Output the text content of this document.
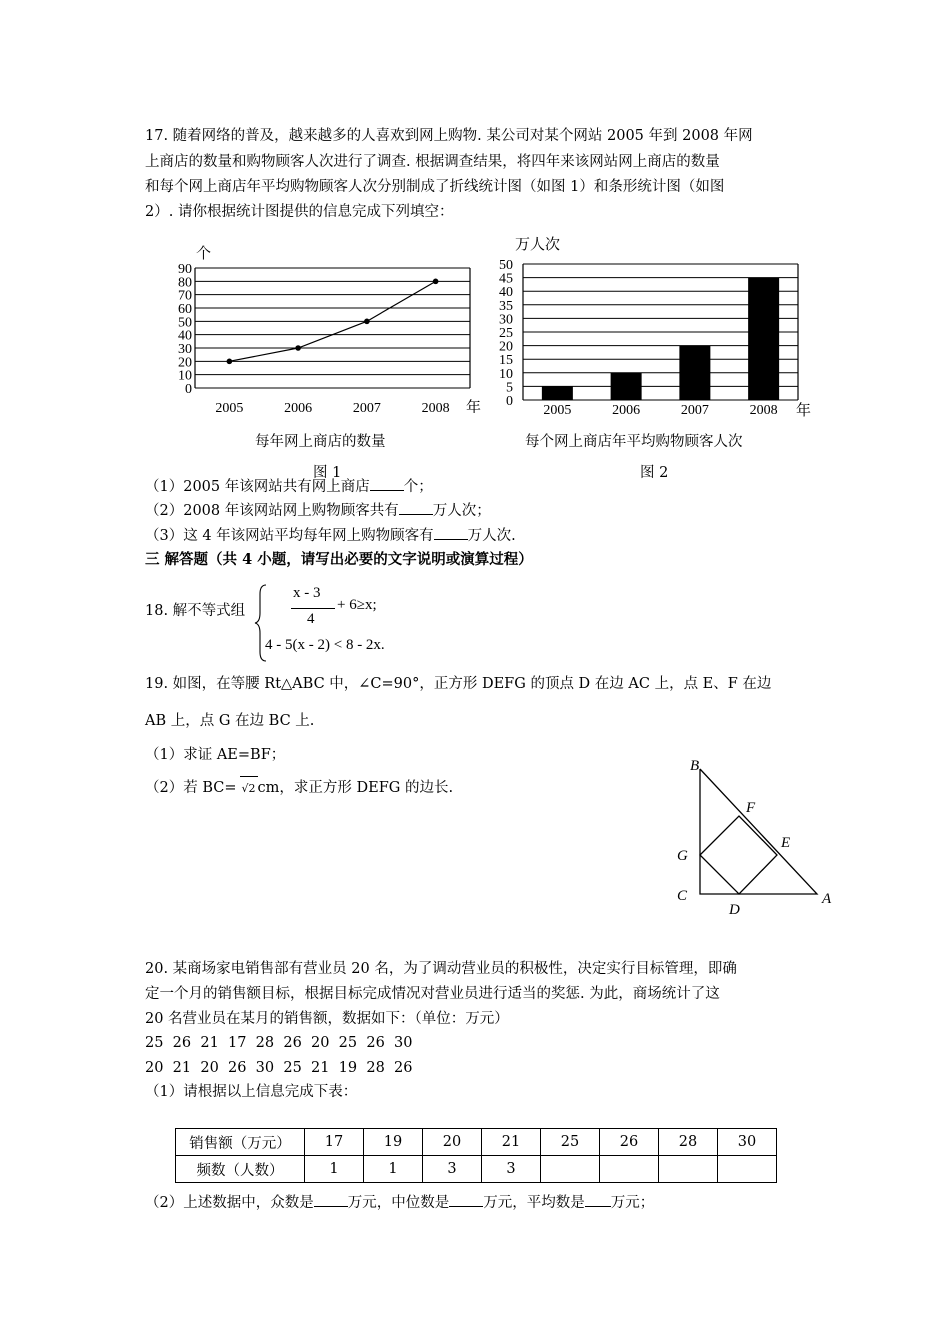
17. 随着网络的普及，越来越多的人喜欢到网上购物. 某公司对某个网站 2005 年到 2008 年网
上商店的数量和购物顾客人次进行了调查. 根据调查结果，将四年来该网站网上商店的数量
和每个网上商店年平均购物顾客人次分别制成了折线统计图（如图 1）和条形统计图（如图
2）. 请你根据统计图提供的信息完成下列填空：
个
年
0
10
20
30
40
50
60
70
80
90
2005	2006	2007	2008
每年网上商店的数量
图 1
万人次
年
0
5
10
15
20
25
30
35
40
45
50
2005	2006	2007	2008
每个网上商店年平均购物顾客人次
图 2
（1）2005 年该网站共有网上商店 个；
（2）2008 年该网站网上购物顾客共有 万人次；
（3）这 4 年该网站平均每年网上购物顾客有 万人次.
三 解答题（共 4 小题，请写出必要的文字说明或演算过程）
18. 解不等式组
x - 3
4
+ 6≥x;
4 - 5(x - 2) < 8 - 2x.
19. 如图，在等腰 Rt△ABC 中，∠C=90°，正方形 DEFG 的顶点 D 在边 AC 上，点 E、F 在边
AB 上，点 G 在边 BC 上.
（1）求证 AE=BF；
（2）若 BC= √2 cm，求正方形 DEFG 的边长.
B
F
E
G
C
D
A
20. 某商场家电销售部有营业员 20 名，为了调动营业员的积极性，决定实行目标管理，即确
定一个月的销售额目标，根据目标完成情况对营业员进行适当的奖惩. 为此，商场统计了这
20 名营业员在某月的销售额，数据如下：（单位：万元）
25  26  21  17  28  26  20  25  26  30
20  21  20  26  30  25  21  19  28  26
（1）请根据以上信息完成下表：
销售额（万元）	17	19	20	21	25	26	28	30
频数（人数）	1	1	3	3				
（2）上述数据中，众数是 万元，中位数是 万元，平均数是 万元；
